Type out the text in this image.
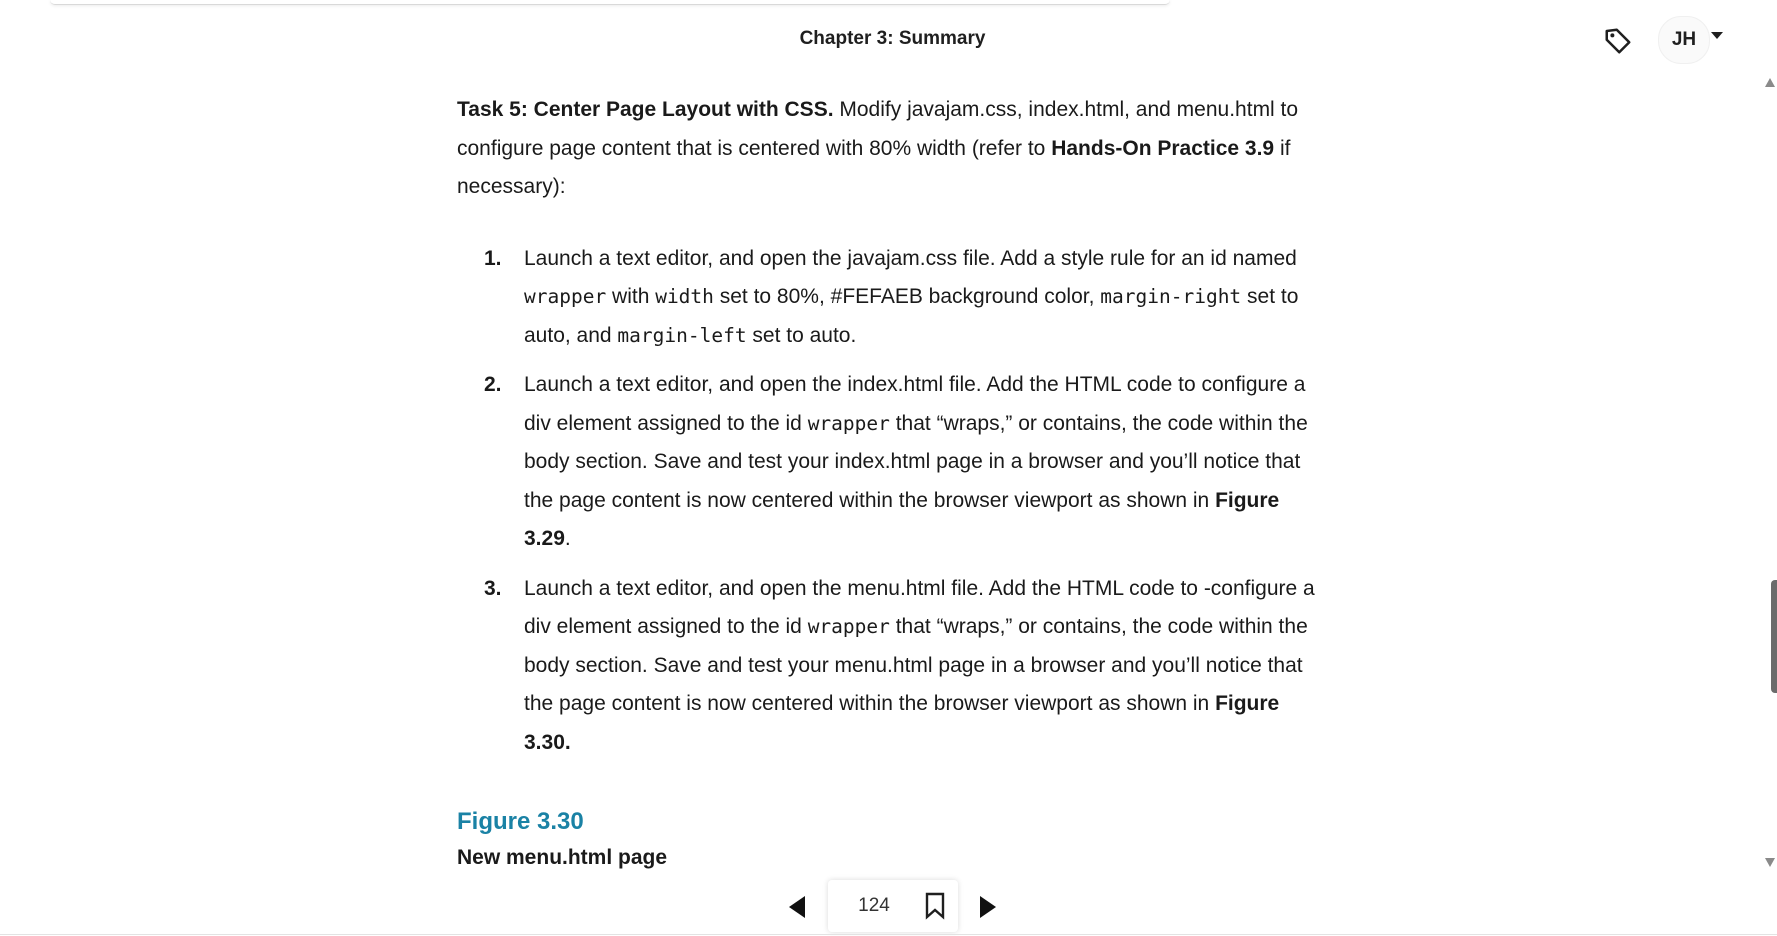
Chapter 3: Summary	JH

Task 5: Center Page Layout with CSS. Modify javajam.css, index.html, and menu.html to configure page content that is centered with 80% width (refer to Hands-On Practice 3.9 if necessary):

1. Launch a text editor, and open the javajam.css file. Add a style rule for an id named wrapper with width set to 80%, #FEFAEB background color, margin-right set to auto, and margin-left set to auto.
2. Launch a text editor, and open the index.html file. Add the HTML code to configure a div element assigned to the id wrapper that “wraps,” or contains, the code within the body section. Save and test your index.html page in a browser and you’ll notice that the page content is now centered within the browser viewport as shown in Figure 3.29.
3. Launch a text editor, and open the menu.html file. Add the HTML code to -configure a div element assigned to the id wrapper that “wraps,” or contains, the code within the body section. Save and test your menu.html page in a browser and you’ll notice that the page content is now centered within the browser viewport as shown in Figure 3.30.
Figure 3.30
New menu.html page
124
